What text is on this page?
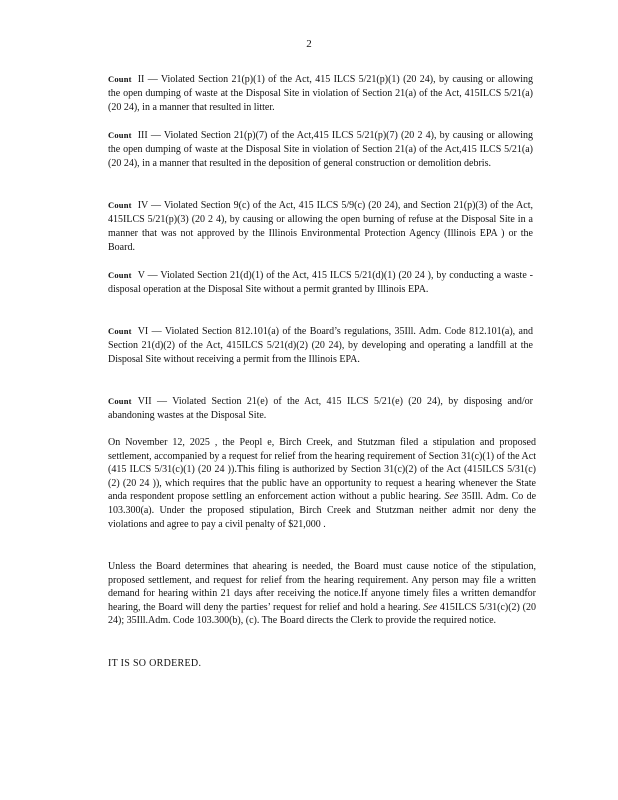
2
Count II — Violated Section 21(p)(1) of the Act, 415 ILCS 5/21(p)(1) (20 24), by causing or allowing the open dumping of waste at the Disposal Site in violation of Section 21(a) of the Act, 415ILCS 5/21(a) (20 24), in a manner that resulted in litter.
Count III — Violated Section 21(p)(7) of the Act,415 ILCS 5/21(p)(7) (20 2 4), by causing or allowing the open dumping of waste at the Disposal Site in violation of Section 21(a) of the Act,415 ILCS 5/21(a) (20 24), in a manner that resulted in the deposition of general construction or demolition debris.
Count IV — Violated Section 9(c) of the Act, 415 ILCS 5/9(c) (20 24), and Section 21(p)(3) of the Act, 415ILCS 5/21(p)(3) (20 2 4), by causing or allowing the open burning of refuse at the Disposal Site in a manner that was not approved by the Illinois Environmental Protection Agency (Illinois EPA ) or the Board.
Count V — Violated Section 21(d)(1) of the Act, 415 ILCS 5/21(d)(1) (20 24 ), by conducting a waste -disposal operation at the Disposal Site without a permit granted by Illinois EPA.
Count VI — Violated Section 812.101(a) of the Board’s regulations, 35Ill. Adm. Code 812.101(a), and Section 21(d)(2) of the Act, 415ILCS 5/21(d)(2) (20 24), by developing and operating a landfill at the Disposal Site without receiving a permit from the Illinois EPA.
Count VII — Violated Section 21(e) of the Act, 415 ILCS 5/21(e) (20 24), by disposing and/or abandoning wastes at the Disposal Site.
On November 12, 2025 , the Peopl e, Birch Creek, and Stutzman filed a stipulation and proposed settlement, accompanied by a request for relief from the hearing requirement of Section 31(c)(1) of the Act (415 ILCS 5/31(c)(1) (20 24 )).This filing is authorized by Section 31(c)(2) of the Act (415ILCS 5/31(c)(2) (20 24 )), which requires that the public have an opportunity to request a hearing whenever the State anda respondent propose settling an enforcement action without a public hearing. See 35Ill. Adm. Co de 103.300(a). Under the proposed stipulation, Birch Creek and Stutzman neither admit nor deny the violations and agree to pay a civil penalty of $21,000 .
Unless the Board determines that ahearing is needed, the Board must cause notice of the stipulation, proposed settlement, and request for relief from the hearing requirement. Any person may file a written demand for hearing within 21 days after receiving the notice.If anyone timely files a written demandfor hearing, the Board will deny the parties’ request for relief and hold a hearing. See 415ILCS 5/31(c)(2) (20 24); 35Ill.Adm. Code 103.300(b), (c). The Board directs the Clerk to provide the required notice.
IT IS SO ORDERED.
